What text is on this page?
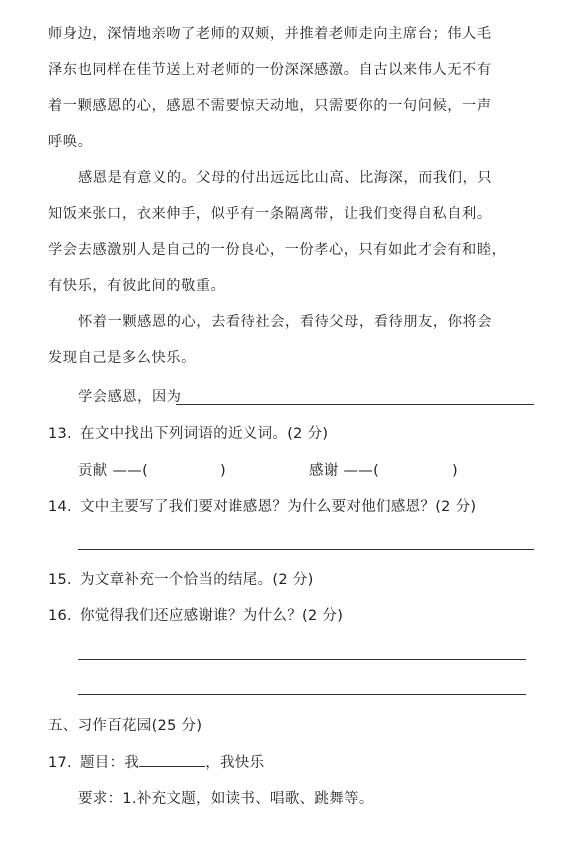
师身边，深情地亲吻了老师的双颊，并推着老师走向主席台；伟人毛
泽东也同样在佳节送上对老师的一份深深感激。自古以来伟人无不有
着一颗感恩的心，感恩不需要惊天动地，只需要你的一句问候，一声
呼唤。
感恩是有意义的。父母的付出远远比山高、比海深，而我们，只
知饭来张口，衣来伸手，似乎有一条隔离带，让我们变得自私自利。
学会去感激别人是自己的一份良心，一份孝心，只有如此才会有和睦，
有快乐，有彼此间的敬重。
怀着一颗感恩的心，去看待社会，看待父母，看待朋友，你将会
发现自己是多么快乐。
学会感恩，因为
13. 在文中找出下列词语的近义词。(2 分)
贡献 ——(	)	感谢 ——(	)
14. 文中主要写了我们要对谁感恩？为什么要对他们感恩？(2 分)
15. 为文章补充一个恰当的结尾。(2 分)
16. 你觉得我们还应感谢谁？为什么？(2 分)
五、习作百花园(25 分)
17. 题目：我	，我快乐
要求：1.补充文题，如读书、唱歌、跳舞等。
